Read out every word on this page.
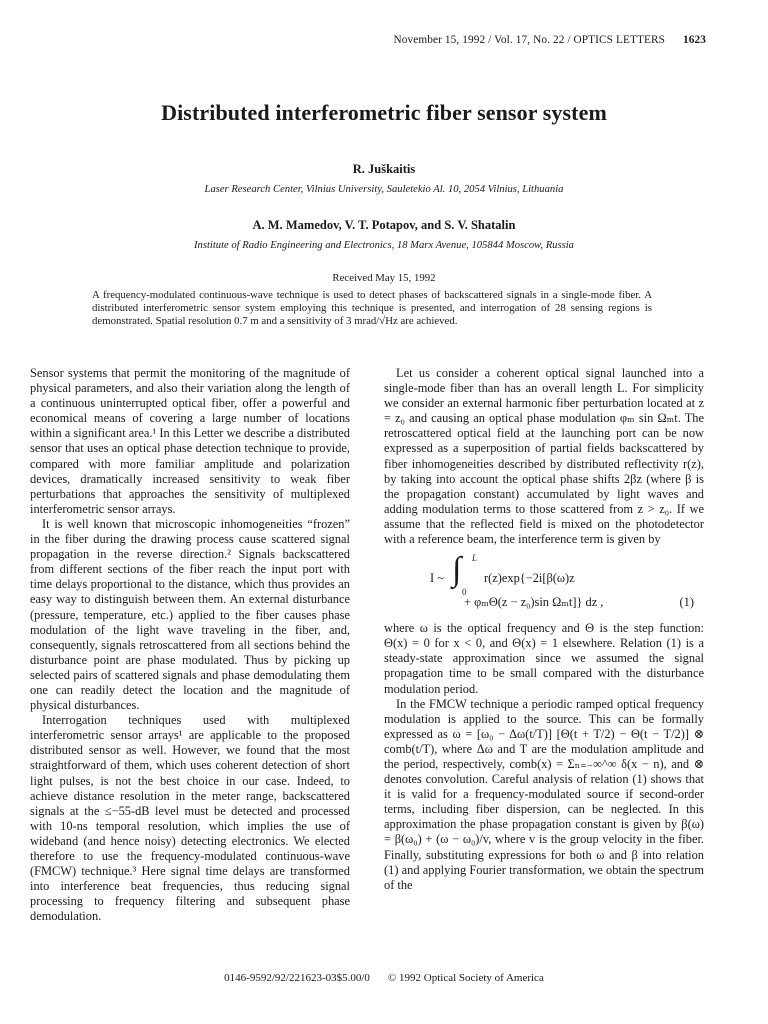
November 15, 1992 / Vol. 17, No. 22 / OPTICS LETTERS 1623
Distributed interferometric fiber sensor system

R. Juškaitis

Laser Research Center, Vilnius University, Sauletekio Al. 10, 2054 Vilnius, Lithuania

A. M. Mamedov, V. T. Potapov, and S. V. Shatalin

Institute of Radio Engineering and Electronics, 18 Marx Avenue, 105844 Moscow, Russia

Received May 15, 1992

A frequency-modulated continuous-wave technique is used to detect phases of backscattered signals in a single-mode fiber. A distributed interferometric sensor system employing this technique is presented, and interrogation of 28 sensing regions is demonstrated. Spatial resolution 0.7 m and a sensitivity of 3 mrad/√Hz are achieved.

Sensor systems that permit the monitoring of the magnitude of physical parameters, and also their variation along the length of a continuous uninterrupted optical fiber, offer a powerful and economical means of covering a large number of locations within a significant area.¹ In this Letter we describe a distributed sensor that uses an optical phase detection technique to provide, compared with more familiar amplitude and polarization devices, dramatically increased sensitivity to weak fiber perturbations that approaches the sensitivity of multiplexed interferometric sensor arrays.

It is well known that microscopic inhomogeneities “frozen” in the fiber during the drawing process cause scattered signal propagation in the reverse direction.² Signals backscattered from different sections of the fiber reach the input port with time delays proportional to the distance, which thus provides an easy way to distinguish between them. An external disturbance (pressure, temperature, etc.) applied to the fiber causes phase modulation of the light wave traveling in the fiber, and, consequently, signals retroscattered from all sections behind the disturbance point are phase modulated. Thus by picking up selected pairs of scattered signals and phase demodulating them one can readily detect the location and the magnitude of physical disturbances.

Interrogation techniques used with multiplexed interferometric sensor arrays¹ are applicable to the proposed distributed sensor as well. However, we found that the most straightforward of them, which uses coherent detection of short light pulses, is not the best choice in our case. Indeed, to achieve distance resolution in the meter range, backscattered signals at the ≤−55-dB level must be detected and processed with 10-ns temporal resolution, which implies the use of wideband (and hence noisy) detecting electronics. We elected therefore to use the frequency-modulated continuous-wave (FMCW) technique.³ Here signal time delays are transformed into interference beat frequencies, thus reducing signal processing to frequency filtering and subsequent phase demodulation.

Let us consider a coherent optical signal launched into a single-mode fiber than has an overall length L. For simplicity we consider an external harmonic fiber perturbation located at z = z₀ and causing an optical phase modulation φₘ sin Ωₘt. The retroscattered optical field at the launching port can be now expressed as a superposition of partial fields backscattered by fiber inhomogeneities described by distributed reflectivity r(z), by taking into account the optical phase shifts 2βz (where β is the propagation constant) accumulated by light waves and adding modulation terms to those scattered from z > z₀. If we assume that the reflected field is mixed on the photodetector with a reference beam, the interference term is given by

I ~ ∫ L
0
r(z)exp{−2i[β(ω)z
+ φₘΘ(z − z₀)sin Ωₘt]} dz ,	(1)

where ω is the optical frequency and Θ is the step function: Θ(x) = 0 for x < 0, and Θ(x) = 1 elsewhere. Relation (1) is a steady-state approximation since we assumed the signal propagation time to be small compared with the disturbance modulation period.

In the FMCW technique a periodic ramped optical frequency modulation is applied to the source. This can be formally expressed as ω = [ω₀ − Δω(t/T)] [Θ(t + T/2) − Θ(t − T/2)] ⊗ comb(t/T), where Δω and T are the modulation amplitude and the period, respectively, comb(x) = Σₙ₌₋∞^∞ δ(x − n), and ⊗ denotes convolution. Careful analysis of relation (1) shows that it is valid for a frequency-modulated source if second-order terms, including fiber dispersion, can be neglected. In this approximation the phase propagation constant is given by β(ω) = β(ω₀) + (ω − ω₀)/v, where v is the group velocity in the fiber. Finally, substituting expressions for both ω and β into relation (1) and applying Fourier transformation, we obtain the spectrum of the

0146-9592/92/221623-03$5.00/0 © 1992 Optical Society of America
